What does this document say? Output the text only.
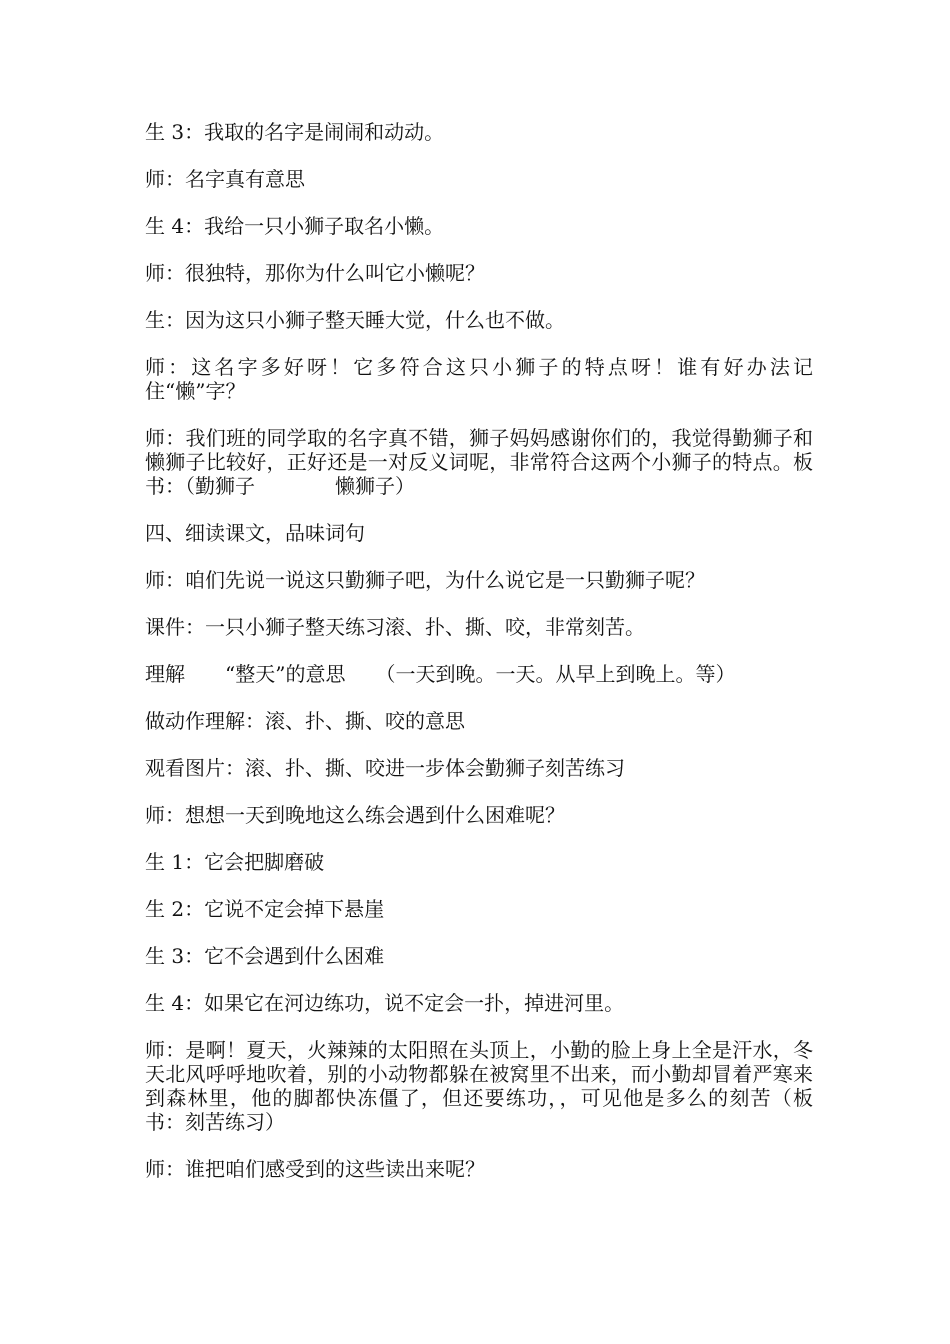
生 3：我取的名字是闹闹和动动。

师：名字真有意思

生 4：我给一只小狮子取名小懒。

师：很独特，那你为什么叫它小懒呢？

生：因为这只小狮子整天睡大觉，什么也不做。

师：这名字多好呀！它多符合这只小狮子的特点呀！谁有好办法记住“懒”字？

师：我们班的同学取的名字真不错，狮子妈妈感谢你们的，我觉得勤狮子和懒狮子比较好，正好还是一对反义词呢，非常符合这两个小狮子的特点。板书：（勤狮子　　　　懒狮子）

四、细读课文，品味词句

师：咱们先说一说这只勤狮子吧，为什么说它是一只勤狮子呢？

课件：一只小狮子整天练习滚、扑、撕、咬，非常刻苦。

理解　　“整天”的意思　　（一天到晚。一天。从早上到晚上。等）

做动作理解：滚、扑、撕、咬的意思

观看图片：滚、扑、撕、咬进一步体会勤狮子刻苦练习

师：想想一天到晚地这么练会遇到什么困难呢？

生 1：它会把脚磨破

生 2：它说不定会掉下悬崖

生 3：它不会遇到什么困难

生 4：如果它在河边练功，说不定会一扑，掉进河里。

师：是啊！夏天，火辣辣的太阳照在头顶上，小勤的脸上身上全是汗水，冬天北风呼呼地吹着，别的小动物都躲在被窝里不出来，而小勤却冒着严寒来到森林里，他的脚都快冻僵了，但还要练功，，可见他是多么的刻苦（板书：刻苦练习）

师：谁把咱们感受到的这些读出来呢？
